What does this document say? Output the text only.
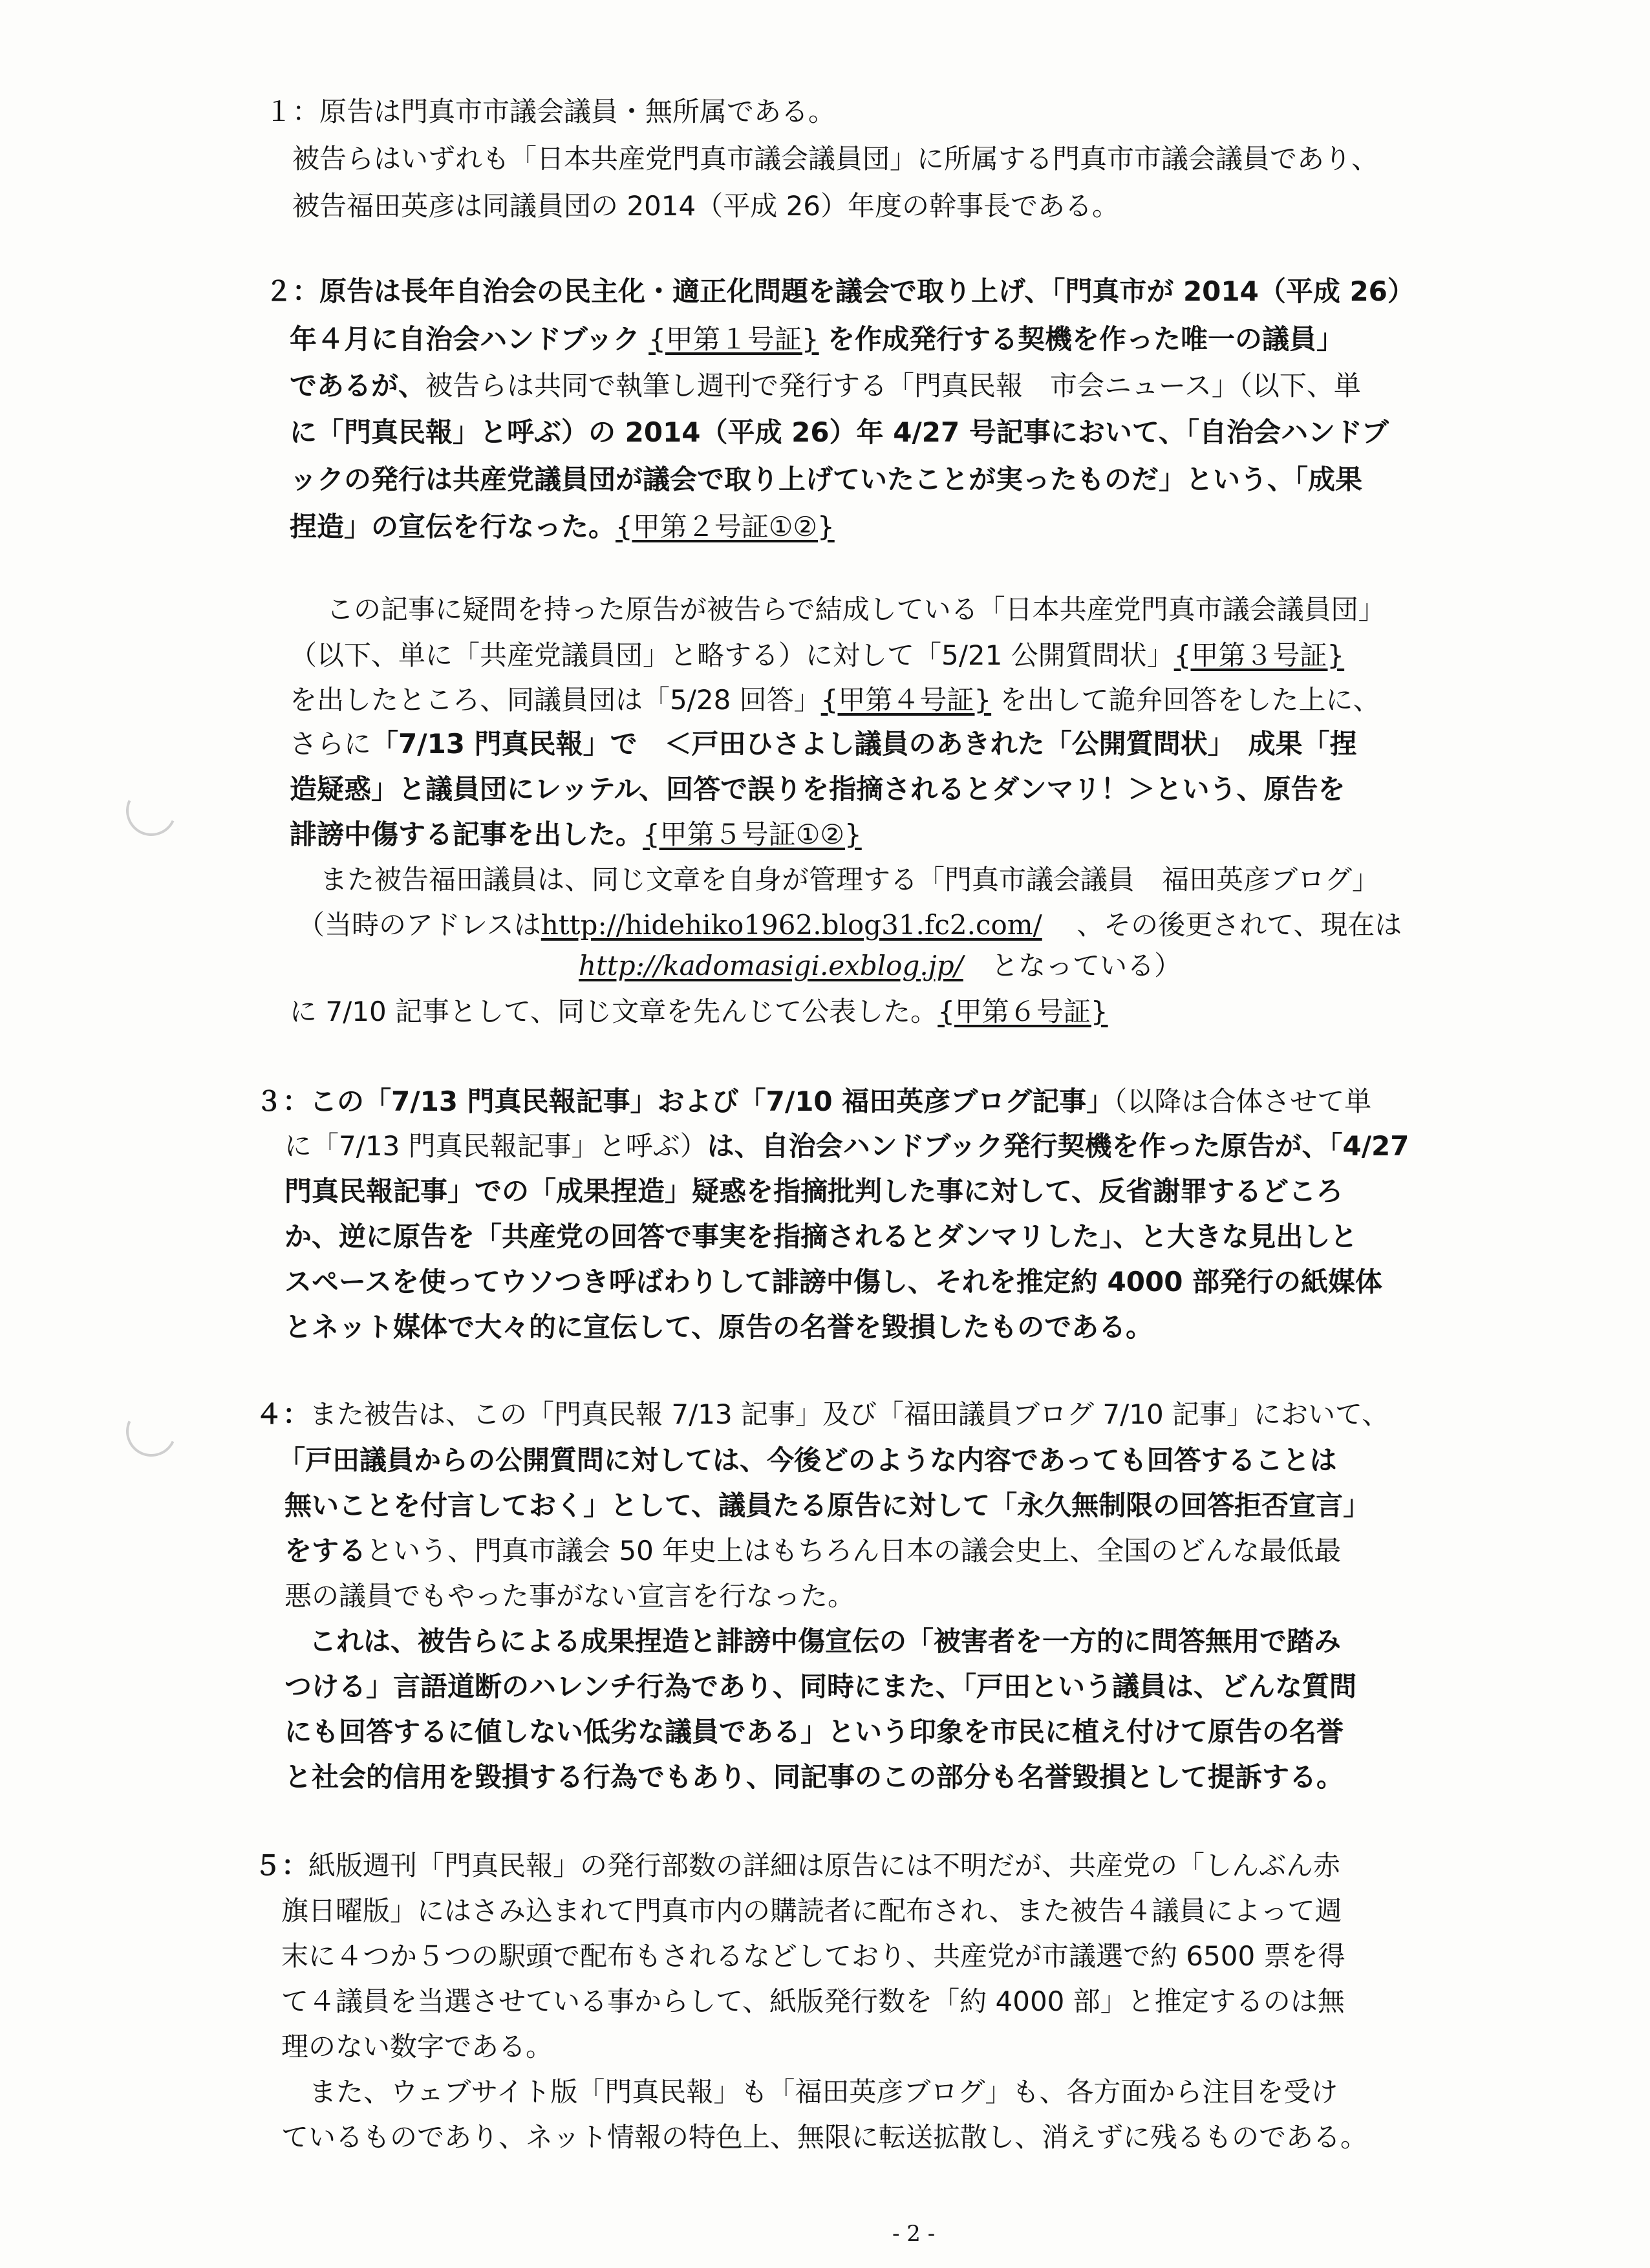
１：原告は門真市市議会議員・無所属である。
被告らはいずれも「日本共産党門真市議会議員団」に所属する門真市市議会議員であり、
被告福田英彦は同議員団の 2014（平成 26）年度の幹事長である。
２：原告は長年自治会の民主化・適正化問題を議会で取り上げ、「門真市が 2014（平成 26）
年４月に自治会ハンドブック {甲第１号証} を作成発行する契機を作った唯一の議員」
であるが、被告らは共同で執筆し週刊で発行する「門真民報　市会ニュース」（以下、単
に「門真民報」と呼ぶ）の 2014（平成 26）年 4/27 号記事において、「自治会ハンドブ
ックの発行は共産党議員団が議会で取り上げていたことが実ったものだ」という、「成果
捏造」の宣伝を行なった。{甲第２号証①②}
この記事に疑問を持った原告が被告らで結成している「日本共産党門真市議会議員団」
（以下、単に「共産党議員団」と略する）に対して「5/21 公開質問状」{甲第３号証}
を出したところ、同議員団は「5/28 回答」{甲第４号証} を出して詭弁回答をした上に、
さらに「7/13 門真民報」で　＜戸田ひさよし議員のあきれた「公開質問状」　成果「捏
造疑惑」と議員団にレッテル、回答で誤りを指摘されるとダンマリ！＞という、原告を
誹謗中傷する記事を出した。{甲第５号証①②}
また被告福田議員は、同じ文章を自身が管理する「門真市議会議員　福田英彦ブログ」
（当時のアドレスはhttp://hidehiko1962.blog31.fc2.com/ 、その後更されて、現在は
http://kadomasigi.exblog.jp/ となっている）
に 7/10 記事として、同じ文章を先んじて公表した。{甲第６号証}
３：この「7/13 門真民報記事」および「7/10 福田英彦ブログ記事」（以降は合体させて単
に「7/13 門真民報記事」と呼ぶ）は、自治会ハンドブック発行契機を作った原告が、「4/27
門真民報記事」での「成果捏造」疑惑を指摘批判した事に対して、反省謝罪するどころ
か、逆に原告を「共産党の回答で事実を指摘されるとダンマリした」、と大きな見出しと
スペースを使ってウソつき呼ばわりして誹謗中傷し、それを推定約 4000 部発行の紙媒体
とネット媒体で大々的に宣伝して、原告の名誉を毀損したものである。
４：また被告は、この「門真民報 7/13 記事」及び「福田議員ブログ 7/10 記事」において、
「戸田議員からの公開質問に対しては、今後どのような内容であっても回答することは
無いことを付言しておく」として、議員たる原告に対して「永久無制限の回答拒否宣言」
をするという、門真市議会 50 年史上はもちろん日本の議会史上、全国のどんな最低最
悪の議員でもやった事がない宣言を行なった。
これは、被告らによる成果捏造と誹謗中傷宣伝の「被害者を一方的に問答無用で踏み
つける」言語道断のハレンチ行為であり、同時にまた、「戸田という議員は、どんな質問
にも回答するに値しない低劣な議員である」という印象を市民に植え付けて原告の名誉
と社会的信用を毀損する行為でもあり、同記事のこの部分も名誉毀損として提訴する。
５：紙版週刊「門真民報」の発行部数の詳細は原告には不明だが、共産党の「しんぶん赤
旗日曜版」にはさみ込まれて門真市内の購読者に配布され、また被告４議員によって週
末に４つか５つの駅頭で配布もされるなどしており、共産党が市議選で約 6500 票を得
て４議員を当選させている事からして、紙版発行数を「約 4000 部」と推定するのは無
理のない数字である。
また、ウェブサイト版「門真民報」も「福田英彦ブログ」も、各方面から注目を受け
ているものであり、ネット情報の特色上、無限に転送拡散し、消えずに残るものである。
- 2 -
